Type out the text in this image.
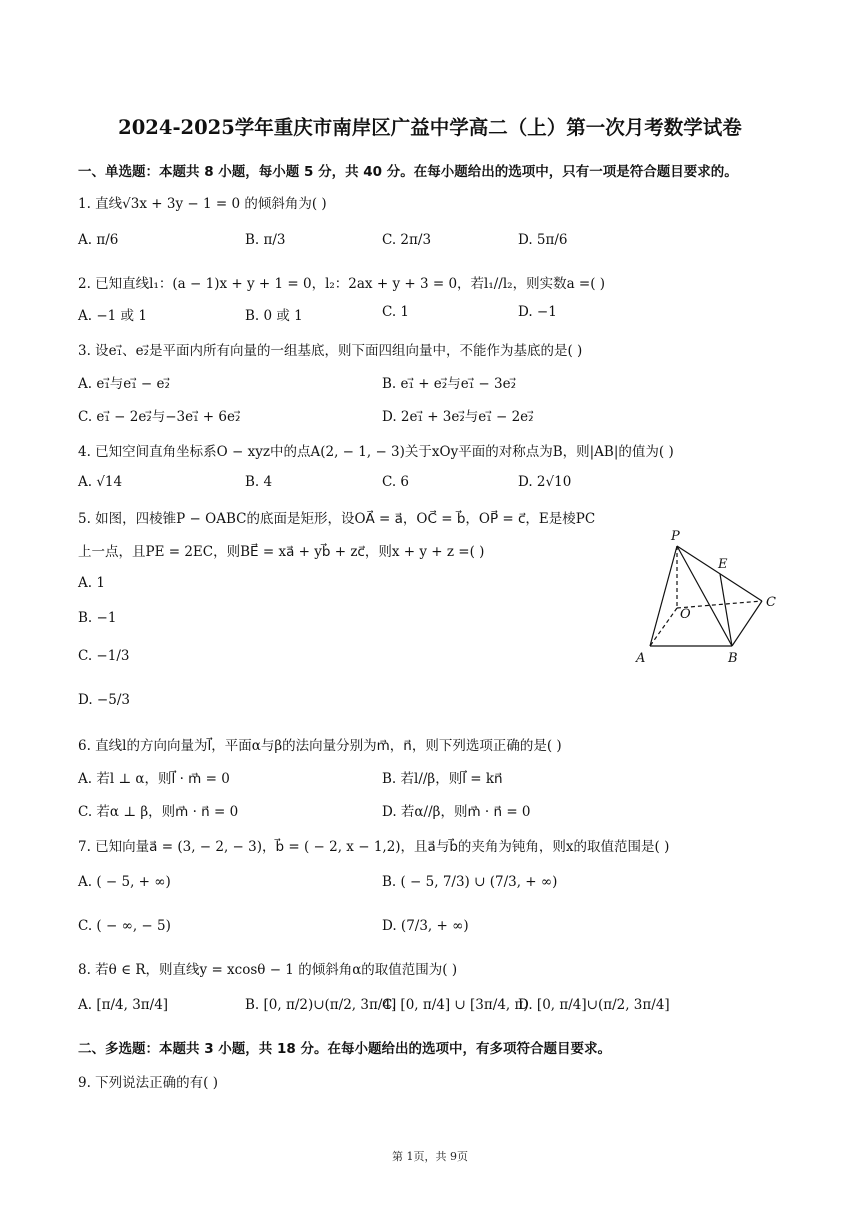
2024-2025学年重庆市南岸区广益中学高二（上）第一次月考数学试卷
一、单选题：本题共 8 小题，每小题 5 分，共 40 分。在每小题给出的选项中，只有一项是符合题目要求的。
1. 直线√3x + 3y − 1 = 0 的倾斜角为( )
A. π/6	B. π/3	C. 2π/3	D. 5π/6
2. 已知直线l₁：(a − 1)x + y + 1 = 0，l₂：2ax + y + 3 = 0，若l₁//l₂，则实数a =( )
A. −1 或 1	B. 0 或 1	C. 1	D. −1
3. 设e₁⃗、e₂⃗是平面内所有向量的一组基底，则下面四组向量中，不能作为基底的是( )
A. e₁⃗与e₁⃗ − e₂⃗	B. e₁⃗ + e₂⃗与e₁⃗ − 3e₂⃗
C. e₁⃗ − 2e₂⃗与−3e₁⃗ + 6e₂⃗	D. 2e₁⃗ + 3e₂⃗与e₁⃗ − 2e₂⃗
4. 已知空间直角坐标系O − xyz中的点A(2, − 1, − 3)关于xOy平面的对称点为B，则|AB|的值为( )
A. √14	B. 4	C. 6	D. 2√10
5. 如图，四棱锥P − OABC的底面是矩形，设OA⃗ = a⃗，OC⃗ = b⃗，OP⃗ = c⃗，E是棱PC
上一点，且PE = 2EC，则BE⃗ = xa⃗ + yb⃗ + zc⃗，则x + y + z =( )
A. 1
B. −1
C. −1/3
D. −5/3
P
E
C
O
A	B
6. 直线l的方向向量为l⃗，平面α与β的法向量分别为m⃗，n⃗，则下列选项正确的是( )
A. 若l ⊥ α，则l⃗ · m⃗ = 0	B. 若l//β，则l⃗ = kn⃗
C. 若α ⊥ β，则m⃗ · n⃗ = 0	D. 若α//β，则m⃗ · n⃗ = 0
7. 已知向量a⃗ = (3, − 2, − 3)，b⃗ = ( − 2, x − 1,2)，且a⃗与b⃗的夹角为钝角，则x的取值范围是( )
A. ( − 5, + ∞)	B. ( − 5, 7/3) ∪ (7/3, + ∞)
C. ( − ∞, − 5)	D. (7/3, + ∞)
8. 若θ ∈ R，则直线y = xcosθ − 1 的倾斜角α的取值范围为( )
A. [π/4, 3π/4]	B. [0, π/2)∪(π/2, 3π/4]
C. [0, π/4] ∪ [3π/4, π)
D. [0, π/4]∪(π/2, 3π/4]
二、多选题：本题共 3 小题，共 18 分。在每小题给出的选项中，有多项符合题目要求。
9. 下列说法正确的有( )
第 1页，共 9页
